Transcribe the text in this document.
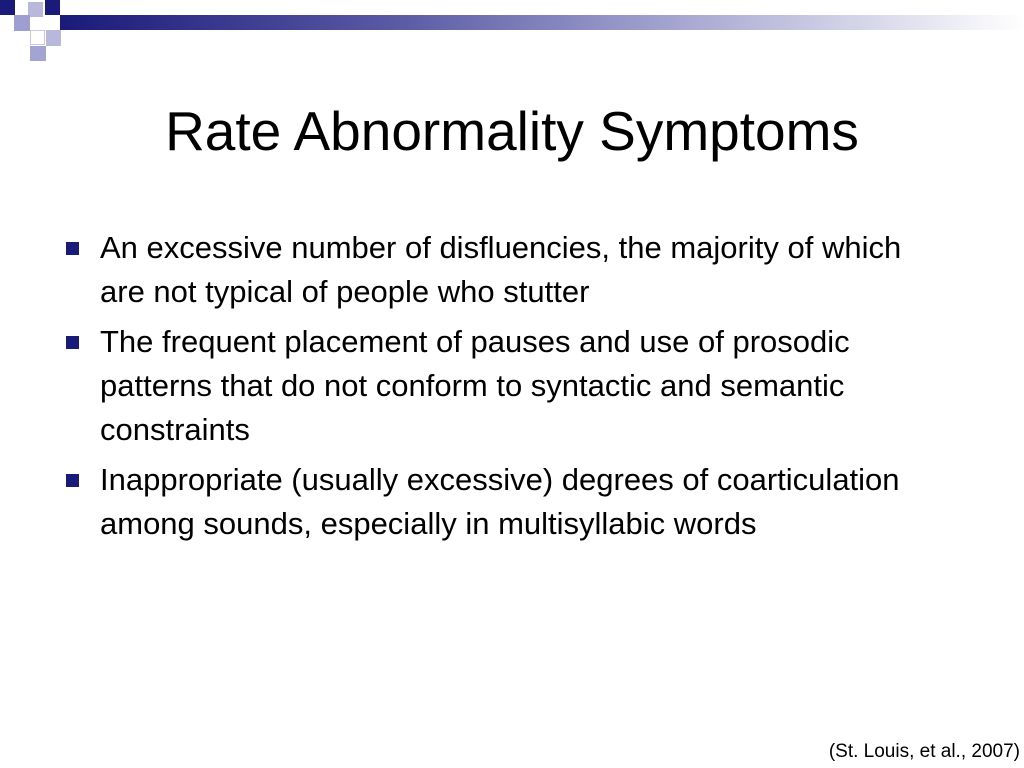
Rate Abnormality Symptoms
An excessive number of disfluencies, the majority of which are not typical of people who stutter
The frequent placement of pauses and use of prosodic patterns that do not conform to syntactic and semantic constraints
Inappropriate (usually excessive) degrees of coarticulation among sounds, especially in multisyllabic words
(St. Louis, et al., 2007)
